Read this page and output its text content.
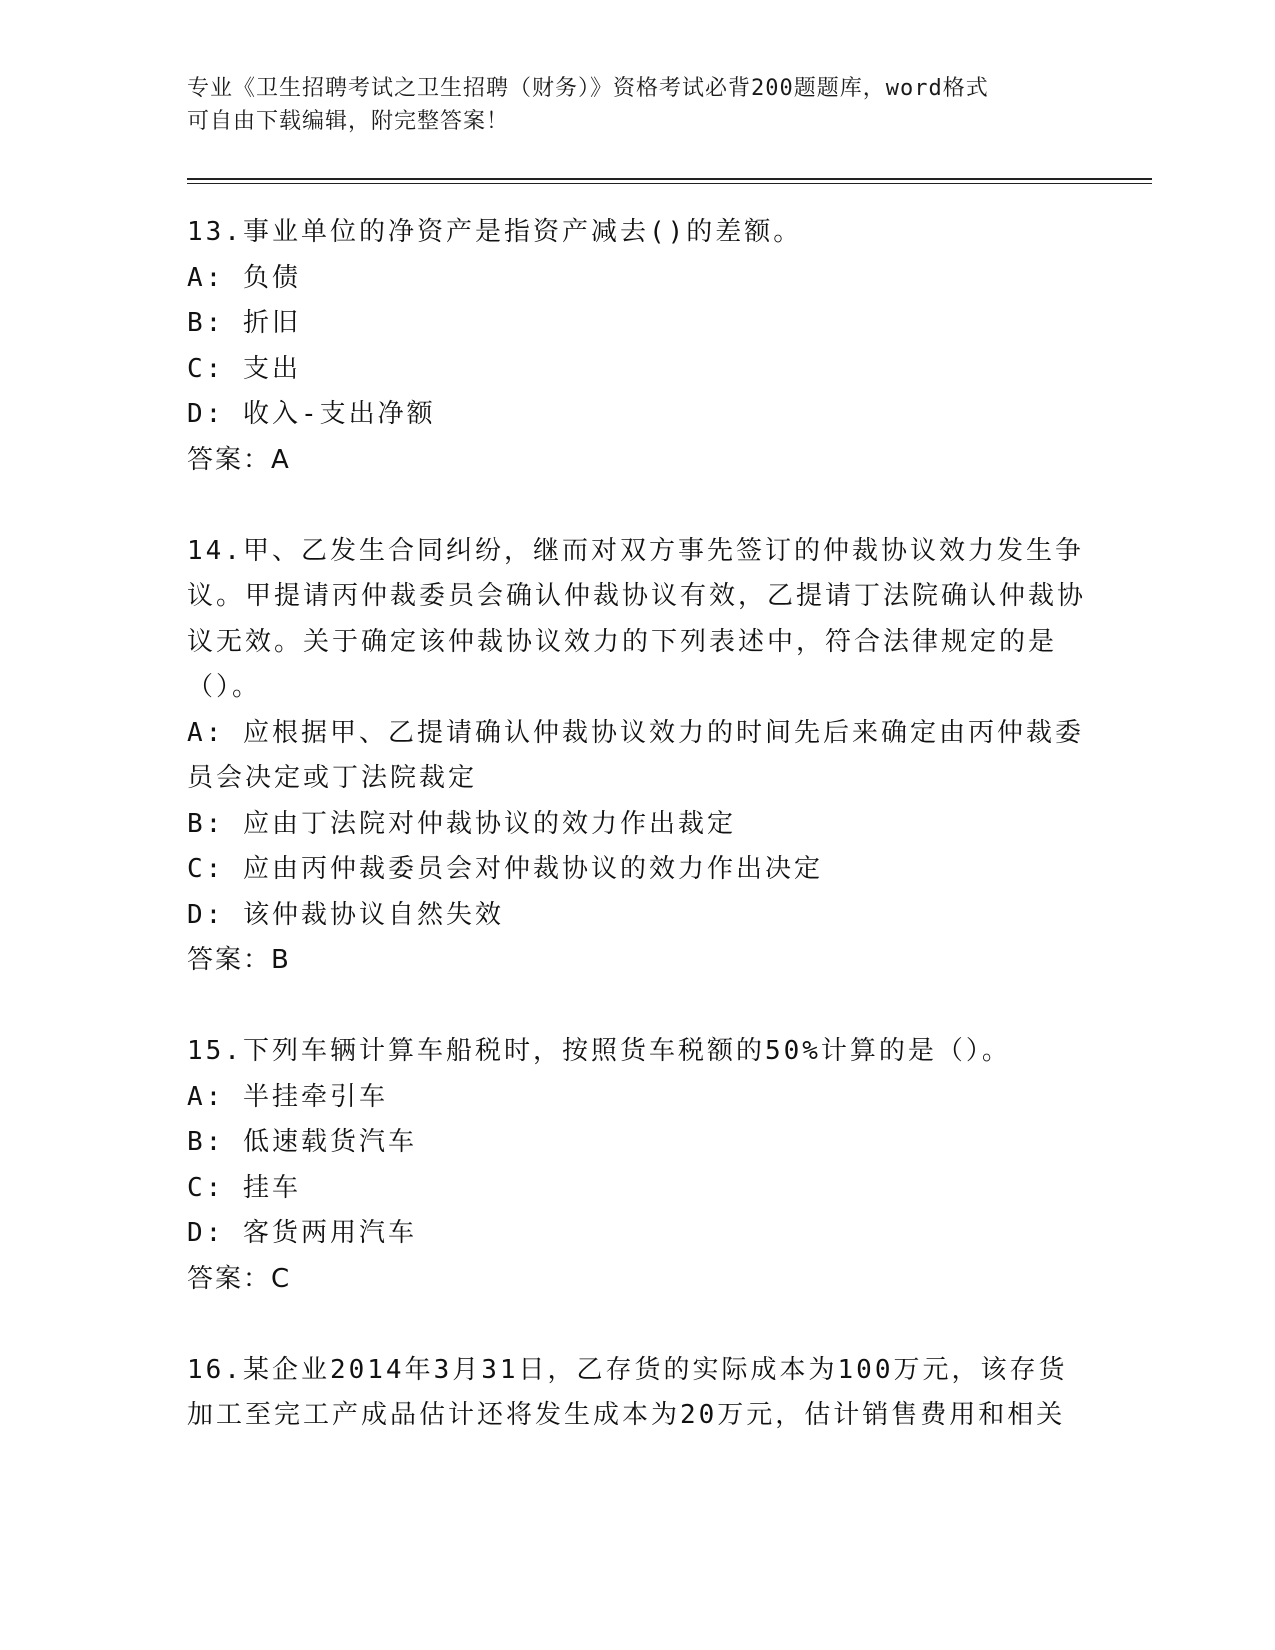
专业《卫生招聘考试之卫生招聘（财务）》资格考试必背200题题库，word格式
可自由下载编辑，附完整答案！

13.事业单位的净资产是指资产减去()的差额。

A: 负债

B: 折旧

C: 支出

D: 收入-支出净额

答案：A

14.甲、乙发生合同纠纷，继而对双方事先签订的仲裁协议效力发生争议。甲提请丙仲裁委员会确认仲裁协议有效，乙提请丁法院确认仲裁协议无效。关于确定该仲裁协议效力的下列表述中，符合法律规定的是（）。

A: 应根据甲、乙提请确认仲裁协议效力的时间先后来确定由丙仲裁委员会决定或丁法院裁定

B: 应由丁法院对仲裁协议的效力作出裁定

C: 应由丙仲裁委员会对仲裁协议的效力作出决定

D: 该仲裁协议自然失效

答案：B

15.下列车辆计算车船税时，按照货车税额的50%计算的是（）。

A: 半挂牵引车

B: 低速载货汽车

C: 挂车

D: 客货两用汽车

答案：C

16.某企业2014年3月31日，乙存货的实际成本为100万元，该存货加工至完工产成品估计还将发生成本为20万元，估计销售费用和相关
